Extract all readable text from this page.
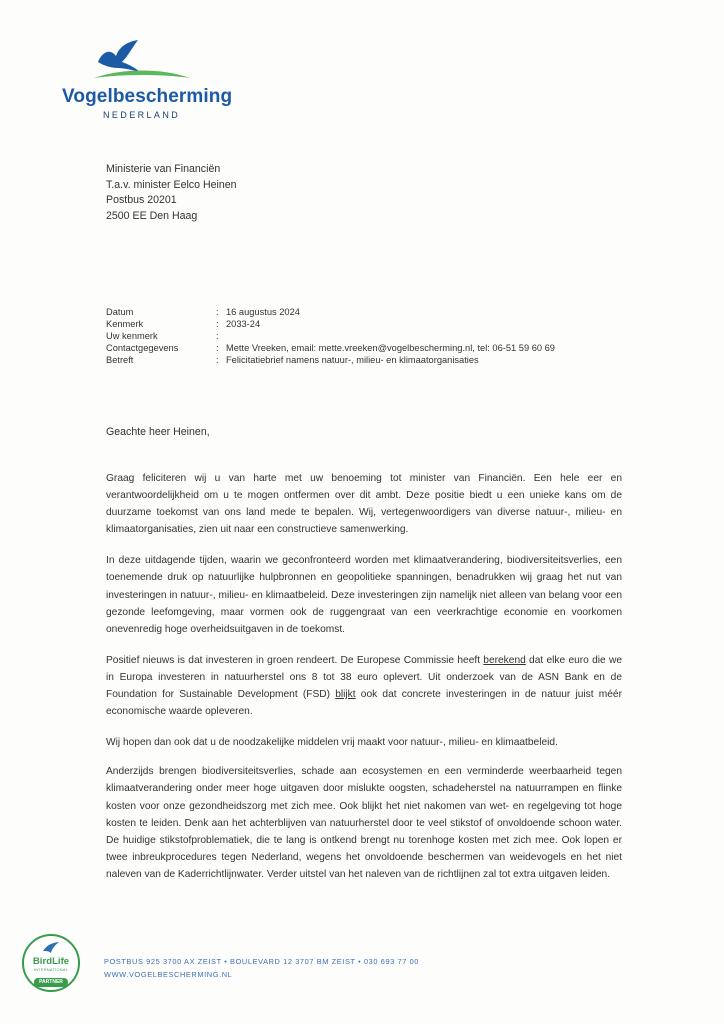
Vogelbescherming
NEDERLAND
Ministerie van Financiën
T.a.v. minister Eelco Heinen
Postbus 20201
2500 EE Den Haag
Datum	: 16 augustus 2024
Kenmerk	: 2033-24
Uw kenmerk	:
Contactgegevens	: Mette Vreeken, email: mette.vreeken@vogelbescherming.nl, tel: 06-51 59 60 69
Betreft	: Felicitatiebrief namens natuur-, milieu- en klimaatorganisaties
Geachte heer Heinen,

Graag feliciteren wij u van harte met uw benoeming tot minister van Financiën. Een hele eer en verantwoordelijkheid om u te mogen ontfermen over dit ambt. Deze positie biedt u een unieke kans om de duurzame toekomst van ons land mede te bepalen. Wij, vertegenwoordigers van diverse natuur-, milieu- en klimaatorganisaties, zien uit naar een constructieve samenwerking.

In deze uitdagende tijden, waarin we geconfronteerd worden met klimaatverandering, biodiversiteitsverlies, een toenemende druk op natuurlijke hulpbronnen en geopolitieke spanningen, benadrukken wij graag het nut van investeringen in natuur-, milieu- en klimaatbeleid. Deze investeringen zijn namelijk niet alleen van belang voor een gezonde leefomgeving, maar vormen ook de ruggengraat van een veerkrachtige economie en voorkomen onevenredig hoge overheidsuitgaven in de toekomst.

Positief nieuws is dat investeren in groen rendeert. De Europese Commissie heeft berekend dat elke euro die we in Europa investeren in natuurherstel ons 8 tot 38 euro oplevert. Uit onderzoek van de ASN Bank en de Foundation for Sustainable Development (FSD) blijkt ook dat concrete investeringen in de natuur juist méér economische waarde opleveren.

Wij hopen dan ook dat u de noodzakelijke middelen vrij maakt voor natuur-, milieu- en klimaatbeleid.

Anderzijds brengen biodiversiteitsverlies, schade aan ecosystemen en een verminderde weerbaarheid tegen klimaatverandering onder meer hoge uitgaven door mislukte oogsten, schadeherstel na natuurrampen en flinke kosten voor onze gezondheidszorg met zich mee. Ook blijkt het niet nakomen van wet- en regelgeving tot hoge kosten te leiden. Denk aan het achterblijven van natuurherstel door te veel stikstof of onvoldoende schoon water. De huidige stikstofproblematiek, die te lang is ontkend brengt nu torenhoge kosten met zich mee. Ook lopen er twee inbreukprocedures tegen Nederland, wegens het onvoldoende beschermen van weidevogels en het niet naleven van de Kaderrichtlijnwater. Verder uitstel van het naleven van de richtlijnen zal tot extra uitgaven leiden.

BirdLife
INTERNATIONAL
PARTNER
POSTBUS 925 3700 AX ZEIST • BOULEVARD 12 3707 BM ZEIST • 030 693 77 00
WWW.VOGELBESCHERMING.NL
